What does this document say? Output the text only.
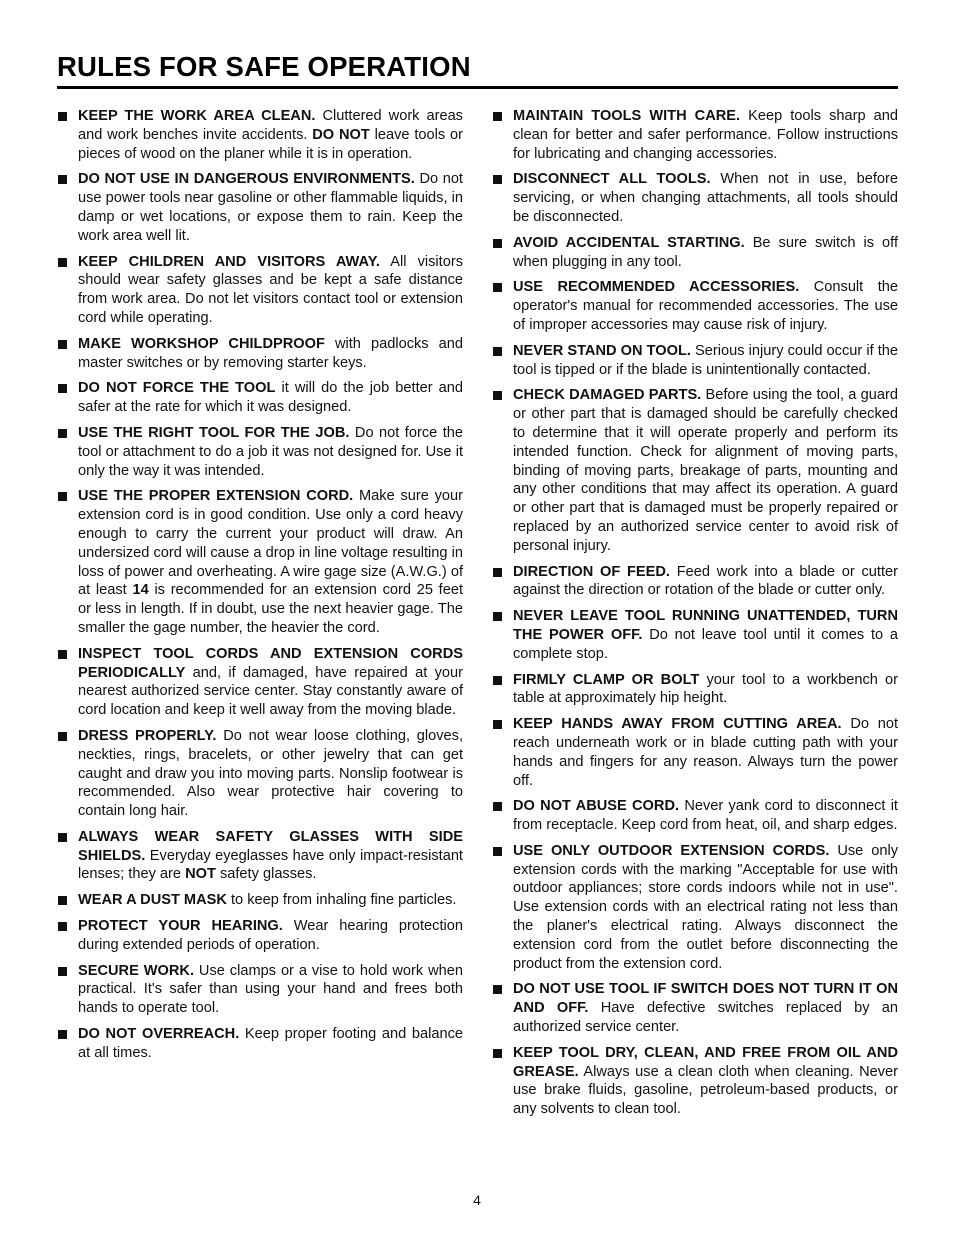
RULES FOR SAFE OPERATION
KEEP THE WORK AREA CLEAN. Cluttered work areas and work benches invite accidents. DO NOT leave tools or pieces of wood on the planer while it is in operation.
DO NOT USE IN DANGEROUS ENVIRONMENTS. Do not use power tools near gasoline or other flammable liquids, in damp or wet locations, or expose them to rain. Keep the work area well lit.
KEEP CHILDREN AND VISITORS AWAY. All visitors should wear safety glasses and be kept a safe distance from work area. Do not let visitors contact tool or extension cord while operating.
MAKE WORKSHOP CHILDPROOF with padlocks and master switches or by removing starter keys.
DO NOT FORCE THE TOOL it will do the job better and safer at the rate for which it was designed.
USE THE RIGHT TOOL FOR THE JOB. Do not force the tool or attachment to do a job it was not designed for. Use it only the way it was intended.
USE THE PROPER EXTENSION CORD. Make sure your extension cord is in good condition. Use only a cord heavy enough to carry the current your product will draw. An undersized cord will cause a drop in line voltage resulting in loss of power and overheating. A wire gage size (A.W.G.) of at least 14 is recommended for an extension cord 25 feet or less in length. If in doubt, use the next heavier gage. The smaller the gage number, the heavier the cord.
INSPECT TOOL CORDS AND EXTENSION CORDS PERIODICALLY and, if damaged, have repaired at your nearest authorized service center. Stay constantly aware of cord location and keep it well away from the moving blade.
DRESS PROPERLY. Do not wear loose clothing, gloves, neckties, rings, bracelets, or other jewelry that can get caught and draw you into moving parts. Nonslip footwear is recommended. Also wear protective hair covering to contain long hair.
ALWAYS WEAR SAFETY GLASSES WITH SIDE SHIELDS. Everyday eyeglasses have only impact-resistant lenses; they are NOT safety glasses.
WEAR A DUST MASK to keep from inhaling fine particles.
PROTECT YOUR HEARING. Wear hearing protection during extended periods of operation.
SECURE WORK. Use clamps or a vise to hold work when practical. It's safer than using your hand and frees both hands to operate tool.
DO NOT OVERREACH. Keep proper footing and balance at all times.
MAINTAIN TOOLS WITH CARE. Keep tools sharp and clean for better and safer performance. Follow instructions for lubricating and changing accessories.
DISCONNECT ALL TOOLS. When not in use, before servicing, or when changing attachments, all tools should be disconnected.
AVOID ACCIDENTAL STARTING. Be sure switch is off when plugging in any tool.
USE RECOMMENDED ACCESSORIES. Consult the operator's manual for recommended accessories. The use of improper accessories may cause risk of injury.
NEVER STAND ON TOOL. Serious injury could occur if the tool is tipped or if the blade is unintentionally contacted.
CHECK DAMAGED PARTS. Before using the tool, a guard or other part that is damaged should be carefully checked to determine that it will operate properly and perform its intended function. Check for alignment of moving parts, binding of moving parts, breakage of parts, mounting and any other conditions that may affect its operation. A guard or other part that is damaged must be properly repaired or replaced by an authorized service center to avoid risk of personal injury.
DIRECTION OF FEED. Feed work into a blade or cutter against the direction or rotation of the blade or cutter only.
NEVER LEAVE TOOL RUNNING UNATTENDED, TURN THE POWER OFF. Do not leave tool until it comes to a complete stop.
FIRMLY CLAMP OR BOLT your tool to a workbench or table at approximately hip height.
KEEP HANDS AWAY FROM CUTTING AREA. Do not reach underneath work or in blade cutting path with your hands and fingers for any reason. Always turn the power off.
DO NOT ABUSE CORD. Never yank cord to disconnect it from receptacle. Keep cord from heat, oil, and sharp edges.
USE ONLY OUTDOOR EXTENSION CORDS. Use only extension cords with the marking "Acceptable for use with outdoor appliances; store cords indoors while not in use". Use extension cords with an electrical rating not less than the planer's electrical rating. Always disconnect the extension cord from the outlet before disconnecting the product from the extension cord.
DO NOT USE TOOL IF SWITCH DOES NOT TURN IT ON AND OFF. Have defective switches replaced by an authorized service center.
KEEP TOOL DRY, CLEAN, AND FREE FROM OIL AND GREASE. Always use a clean cloth when cleaning. Never use brake fluids, gasoline, petroleum-based products, or any solvents to clean tool.
4
